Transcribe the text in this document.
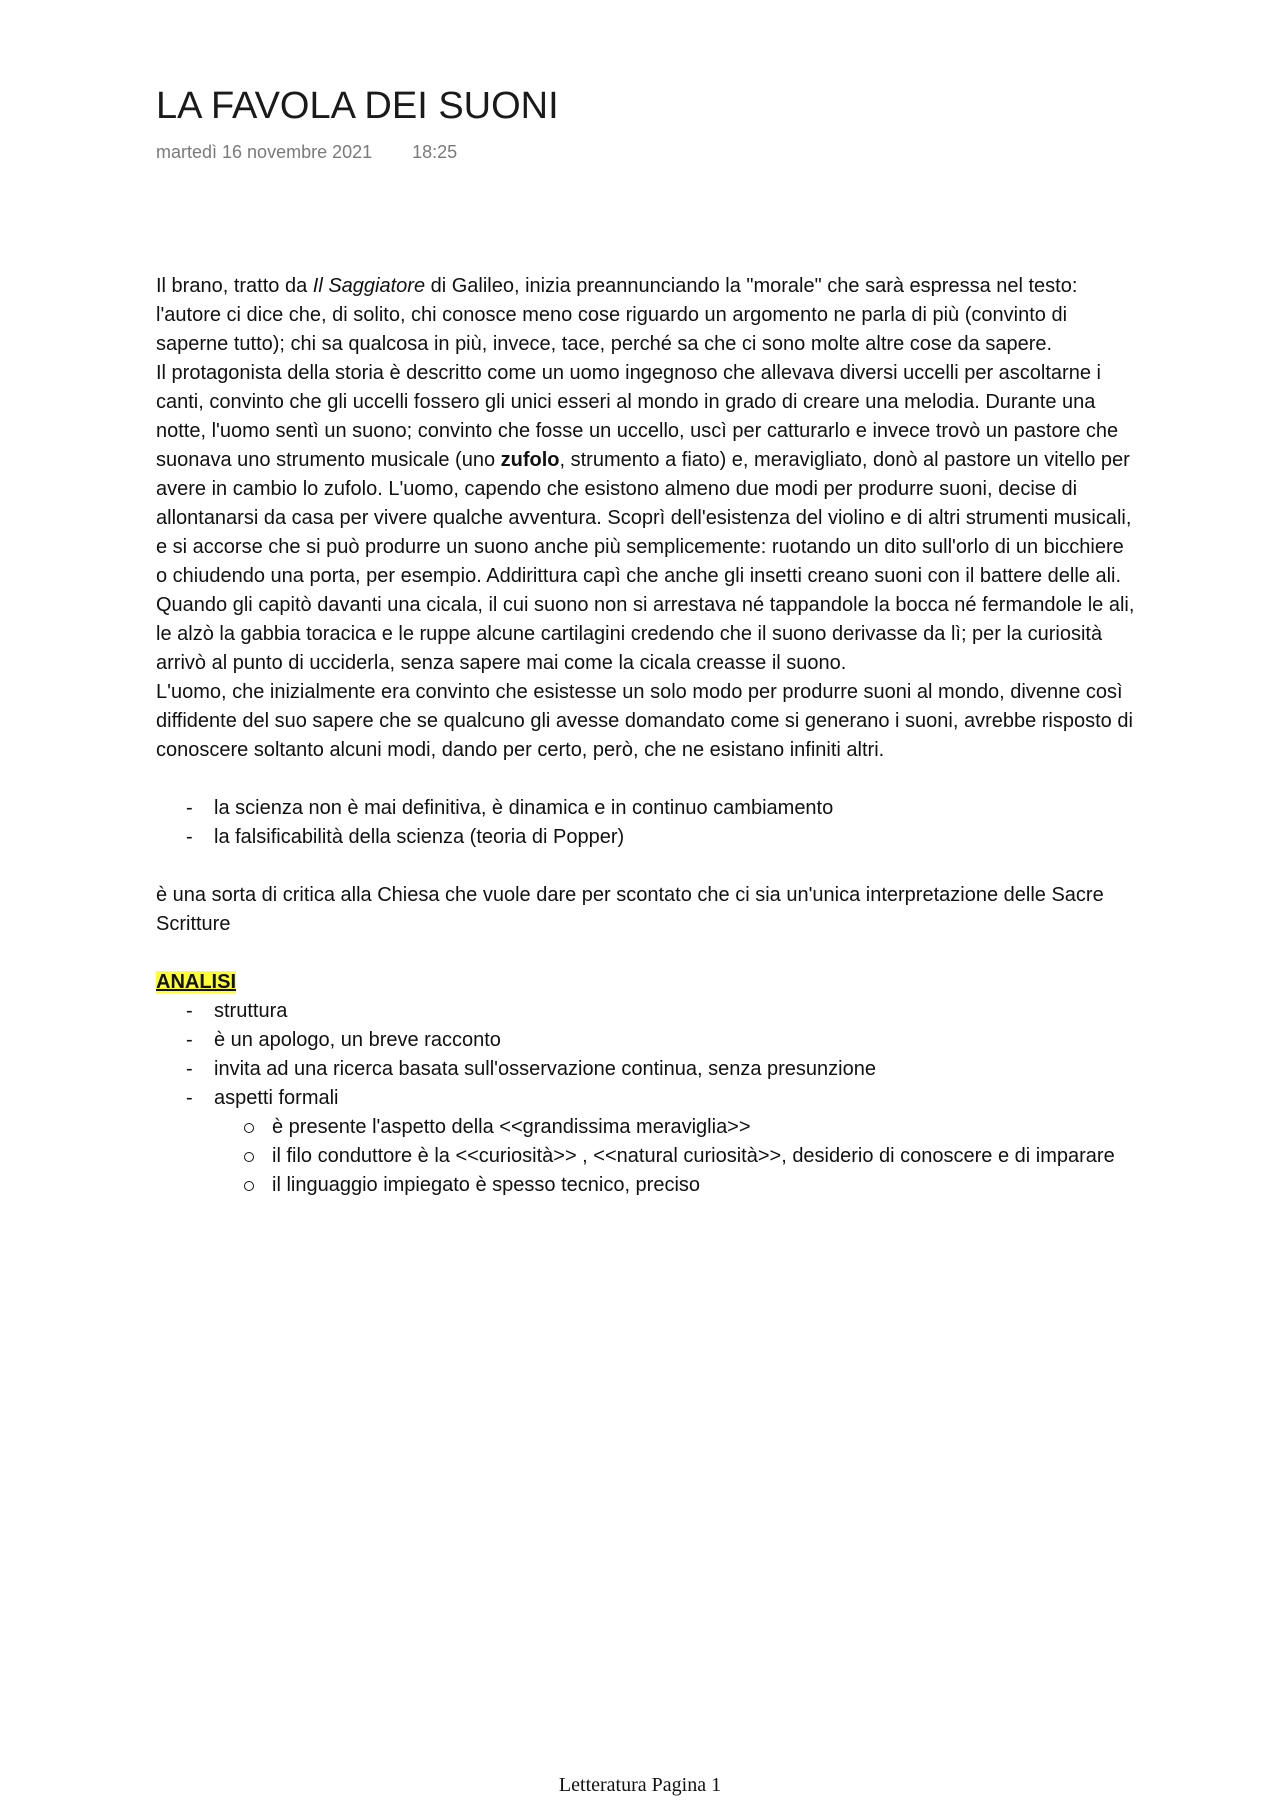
LA FAVOLA DEI SUONI
martedì 16 novembre 2021 18:25

Il brano, tratto da Il Saggiatore di Galileo, inizia preannunciando la "morale" che sarà espressa nel testo: l'autore ci dice che, di solito, chi conosce meno cose riguardo un argomento ne parla di più (convinto di saperne tutto); chi sa qualcosa in più, invece, tace, perché sa che ci sono molte altre cose da sapere.

Il protagonista della storia è descritto come un uomo ingegnoso che allevava diversi uccelli per ascoltarne i canti, convinto che gli uccelli fossero gli unici esseri al mondo in grado di creare una melodia. Durante una notte, l'uomo sentì un suono; convinto che fosse un uccello, uscì per catturarlo e invece trovò un pastore che suonava uno strumento musicale (uno zufolo, strumento a fiato) e, meravigliato, donò al pastore un vitello per avere in cambio lo zufolo. L'uomo, capendo che esistono almeno due modi per produrre suoni, decise di allontanarsi da casa per vivere qualche avventura. Scoprì dell'esistenza del violino e di altri strumenti musicali, e si accorse che si può produrre un suono anche più semplicemente: ruotando un dito sull'orlo di un bicchiere o chiudendo una porta, per esempio. Addirittura capì che anche gli insetti creano suoni con il battere delle ali. Quando gli capitò davanti una cicala, il cui suono non si arrestava né tappandole la bocca né fermandole le ali, le alzò la gabbia toracica e le ruppe alcune cartilagini credendo che il suono derivasse da lì; per la curiosità arrivò al punto di ucciderla, senza sapere mai come la cicala creasse il suono.

L'uomo, che inizialmente era convinto che esistesse un solo modo per produrre suoni al mondo, divenne così diffidente del suo sapere che se qualcuno gli avesse domandato come si generano i suoni, avrebbe risposto di conoscere soltanto alcuni modi, dando per certo, però, che ne esistano infiniti altri.

- la scienza non è mai definitiva, è dinamica e in continuo cambiamento
- la falsificabilità della scienza (teoria di Popper)

è una sorta di critica alla Chiesa che vuole dare per scontato che ci sia un'unica interpretazione delle Sacre Scritture

ANALISI

- struttura
- è un apologo, un breve racconto
- invita ad una ricerca basata sull'osservazione continua, senza presunzione
- aspetti formali
è presente l'aspetto della <<grandissima meraviglia>>
il filo conduttore è la <<curiosità>> , <<natural curiosità>>, desiderio di conoscere e di imparare
il linguaggio impiegato è spesso tecnico, preciso
Letteratura Pagina 1
